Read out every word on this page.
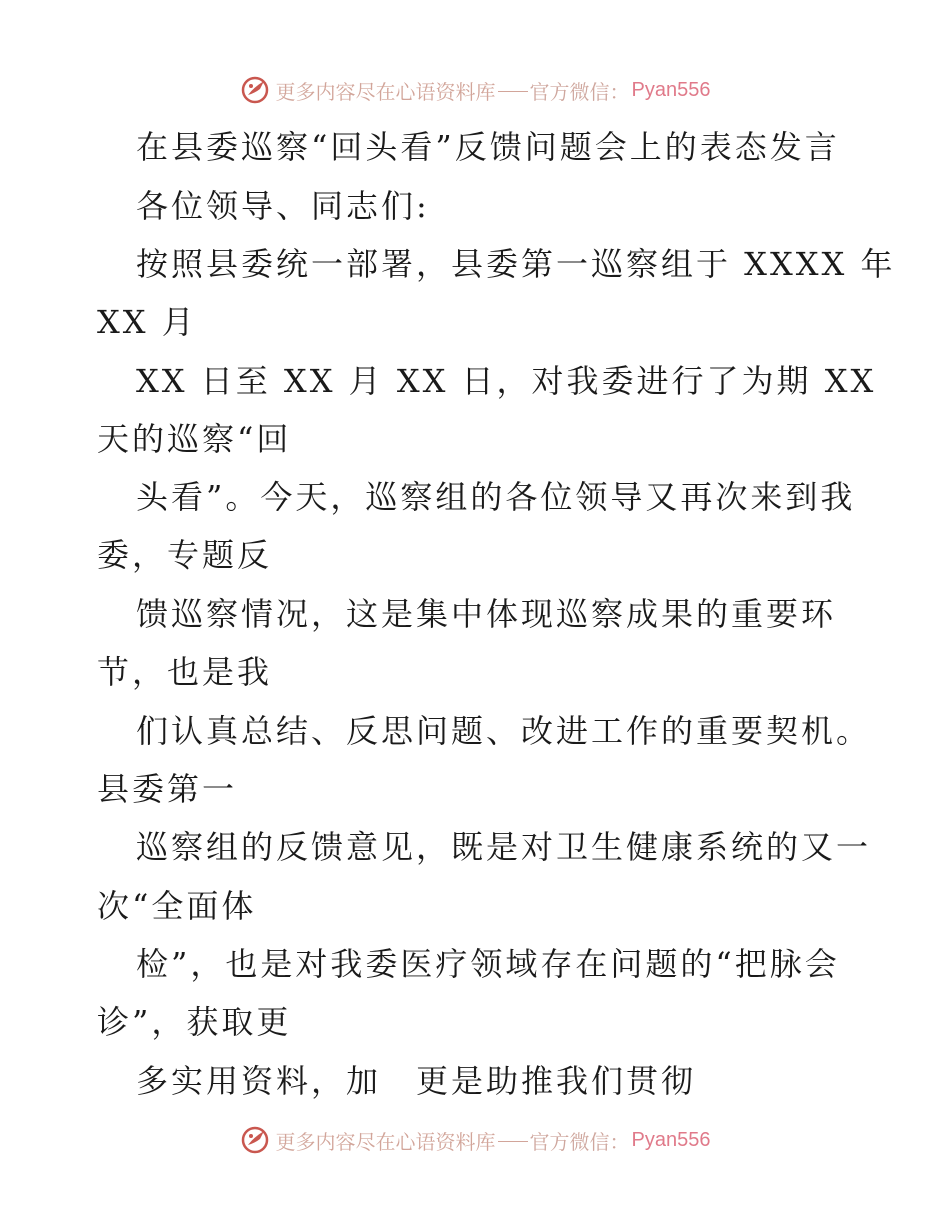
更多内容尽在心语资料库 官方微信： Pyan556
在县委巡察“回头看”反馈问题会上的表态发言
各位领导、同志们:
按照县委统一部署，县委第一巡察组于 XXXX 年
XX 月
XX 日至 XX 月 XX 日，对我委进行了为期 XX
天的巡察“回
头看”。今天，巡察组的各位领导又再次来到我
委，专题反
馈巡察情况，这是集中体现巡察成果的重要环
节，也是我
们认真总结、反思问题、改进工作的重要契机。
县委第一
巡察组的反馈意见，既是对卫生健康系统的又一
次“全面体
检”，也是对我委医疗领域存在问题的“把脉会
诊”，获取更
多实用资料，加　更是助推我们贯彻
更多内容尽在心语资料库 官方微信： Pyan556
